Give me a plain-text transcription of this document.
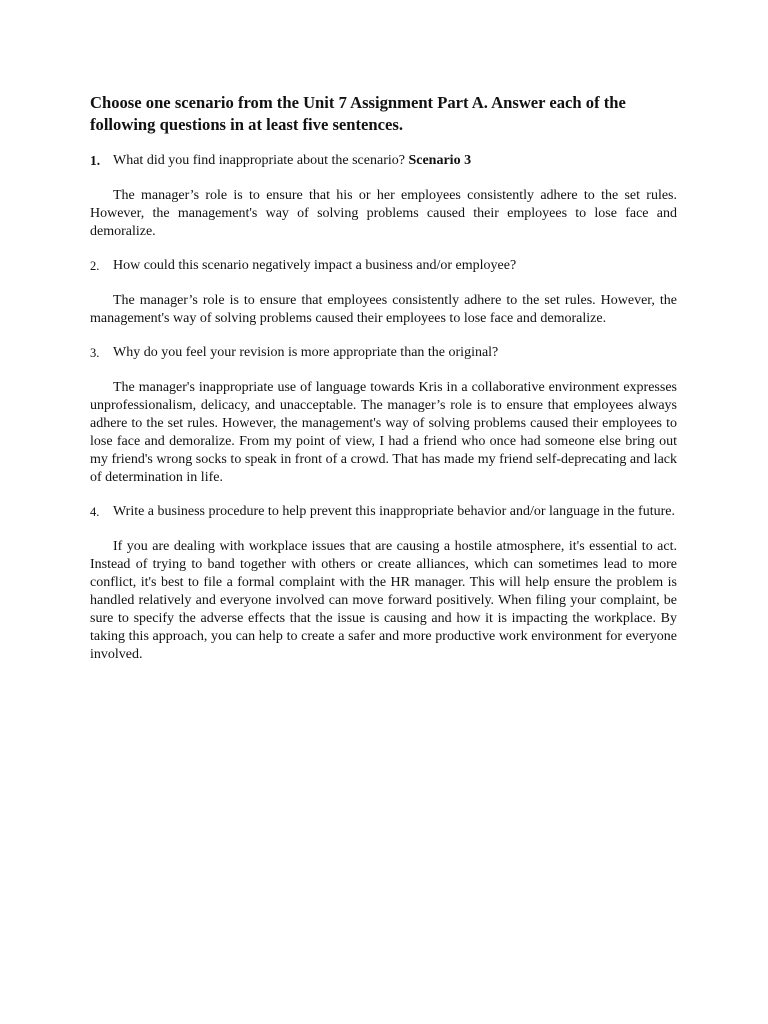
Choose one scenario from the Unit 7 Assignment Part A. Answer each of the following questions in at least five sentences.

1. What did you find inappropriate about the scenario? Scenario 3

The manager’s role is to ensure that his or her employees consistently adhere to the set rules. However, the management's way of solving problems caused their employees to lose face and demoralize.

2. How could this scenario negatively impact a business and/or employee?

The manager’s role is to ensure that employees consistently adhere to the set rules. However, the management's way of solving problems caused their employees to lose face and demoralize.

3. Why do you feel your revision is more appropriate than the original?

The manager's inappropriate use of language towards Kris in a collaborative environment expresses unprofessionalism, delicacy, and unacceptable. The manager’s role is to ensure that employees always adhere to the set rules. However, the management's way of solving problems caused their employees to lose face and demoralize. From my point of view, I had a friend who once had someone else bring out my friend's wrong socks to speak in front of a crowd. That has made my friend self-deprecating and lack of determination in life.

4. Write a business procedure to help prevent this inappropriate behavior and/or language in the future.

If you are dealing with workplace issues that are causing a hostile atmosphere, it's essential to act. Instead of trying to band together with others or create alliances, which can sometimes lead to more conflict, it's best to file a formal complaint with the HR manager. This will help ensure the problem is handled relatively and everyone involved can move forward positively. When filing your complaint, be sure to specify the adverse effects that the issue is causing and how it is impacting the workplace. By taking this approach, you can help to create a safer and more productive work environment for everyone involved.
